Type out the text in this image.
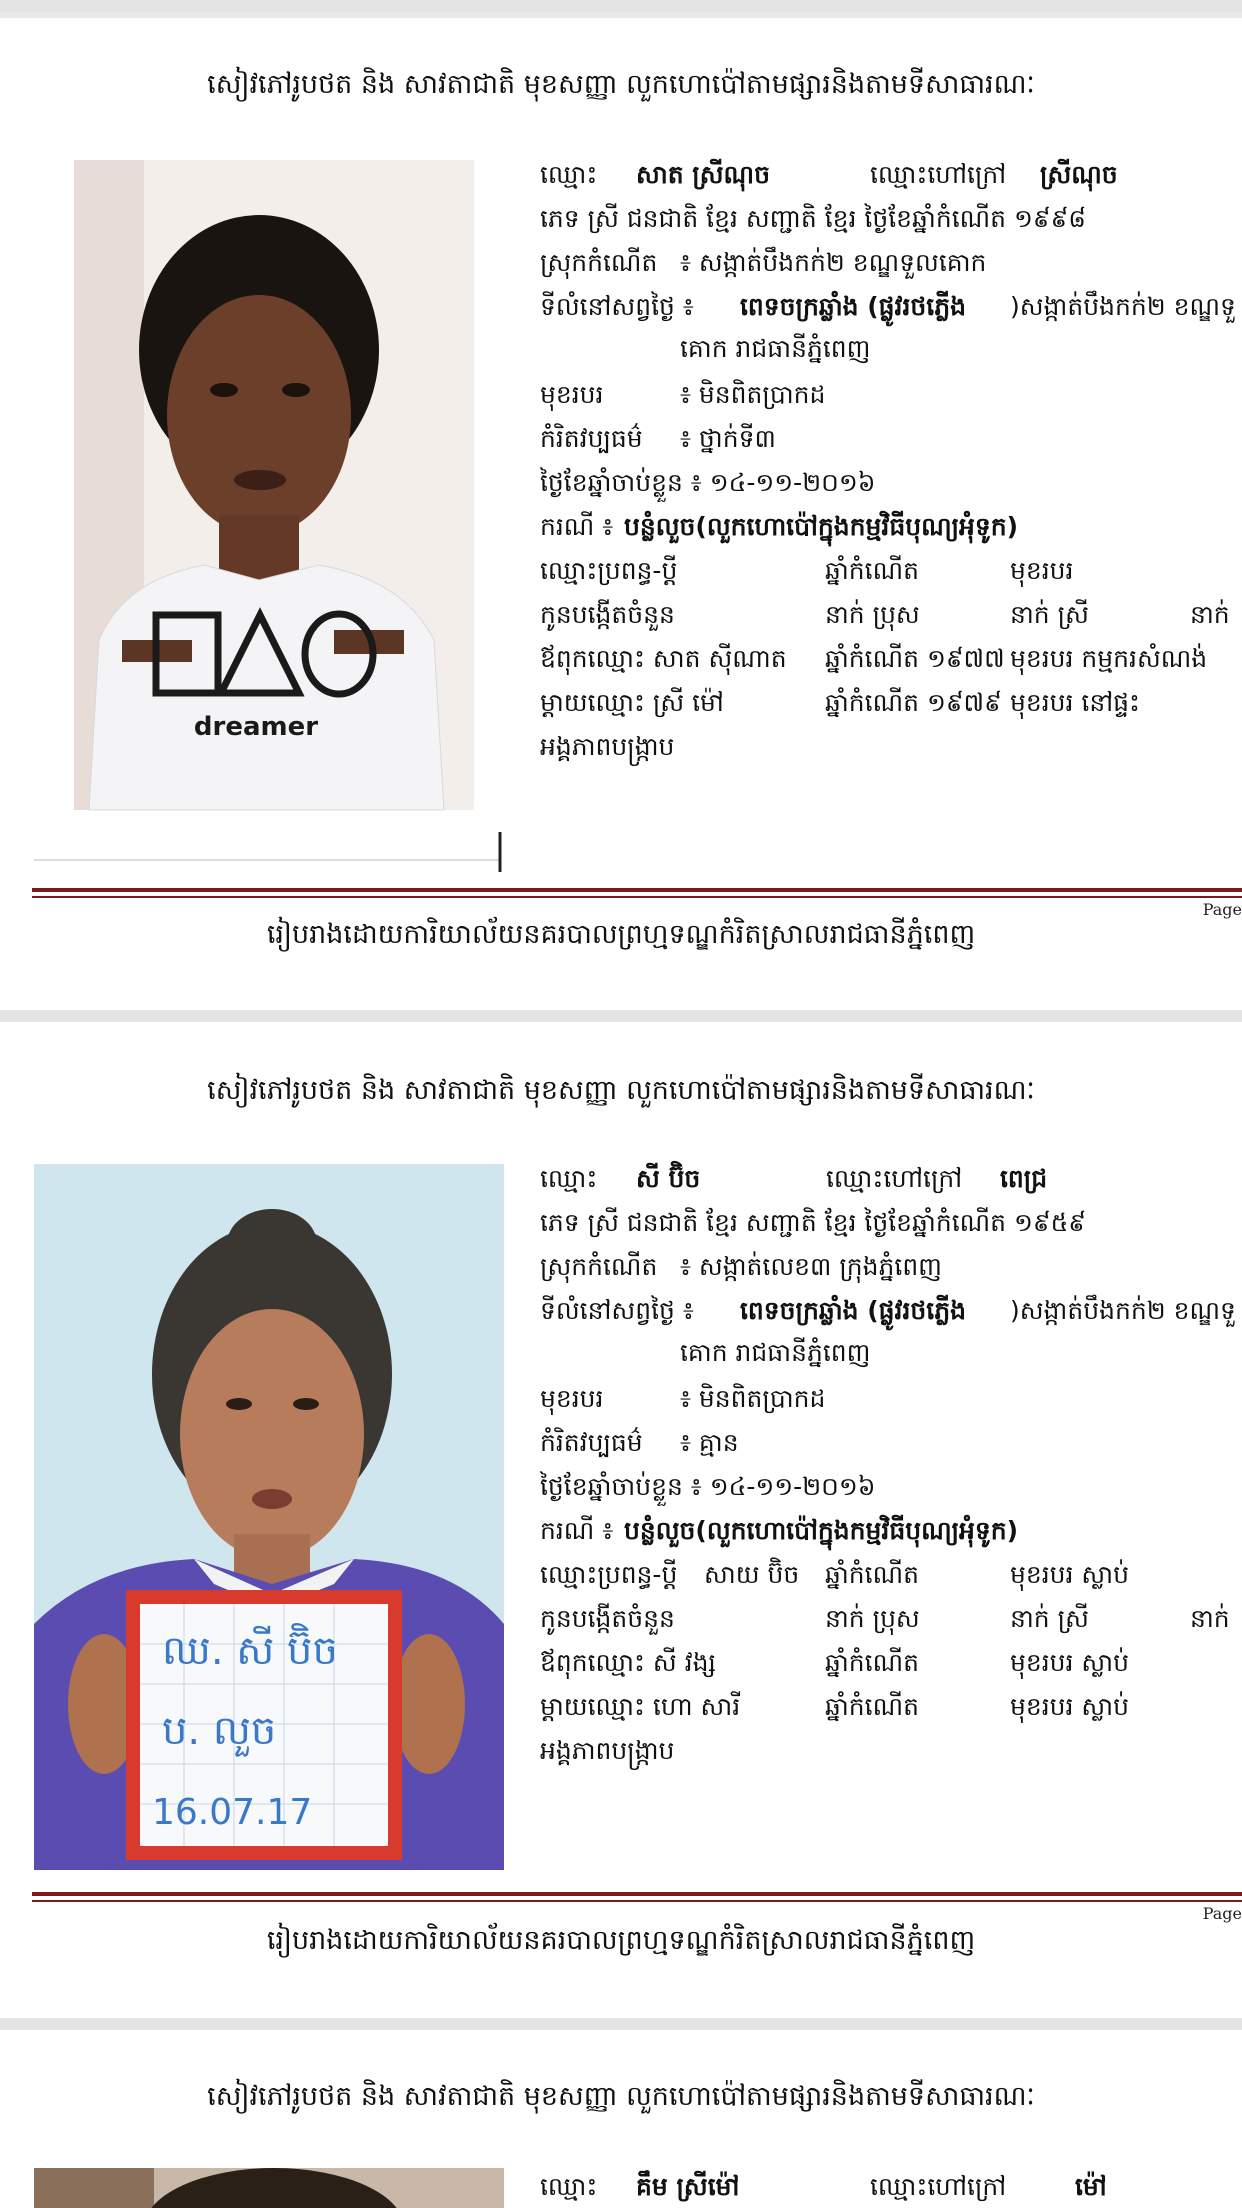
សៀវភៅរូបថត និង សាវតាជាតិ មុខសញ្ញា លួកហោប៉ៅតាមផ្សារនិងតាមទីសាធារណៈ
dreamer
ឈ្មោះ សាត ស្រីណុច	ឈ្មោះហៅក្រៅ ស្រីណុច
ភេទ ស្រី ជនជាតិ ខ្មែរ សញ្ជាតិ ខ្មែរ ថ្ងៃខែឆ្នាំកំណើត ១៩៩៨
ស្រុកកំណើត ៖ សង្កាត់បឹងកក់២ ខណ្ឌទួលគោក
ទីលំនៅសព្វថ្ងៃ ៖ ពេទចក្រឆ្លាំង (ផ្លូវរថភ្លើង )សង្កាត់បឹងកក់២ ខណ្ឌទួ
គោក រាជធានីភ្នំពេញ
មុខរបរ	៖ មិនពិតប្រាកដ
កំរិតវប្បធម៌ ៖ ថ្នាក់ទី៣
ថ្ងៃខែឆ្នាំចាប់ខ្លួន ៖ ១៤-១១-២០១៦
ករណី ៖ បន្លំលួច(លួកហោប៉ៅក្នុងកម្មវិធីបុណ្យអុំទូក)
ឈ្មោះប្រពន្ធ-ប្តី	ឆ្នាំកំណើត	មុខរបរ
កូនបង្កើតចំនួន	នាក់ ប្រុស	នាក់ ស្រី	នាក់
ឪពុកឈ្មោះ សាត ស៊ីណាត ឆ្នាំកំណើត ១៩៧៧ មុខរបរ កម្មករសំណង់
ម្តាយឈ្មោះ ស្រី ម៉ៅ	ឆ្នាំកំណើត ១៩៧៩ មុខរបរ នៅផ្ទះ
អង្គភាពបង្ក្រាប
Page
រៀបរាងដោយការិយាល័យនគរបាលព្រហ្មទណ្ឌកំរិតស្រាលរាជធានីភ្នំពេញ
សៀវភៅរូបថត និង សាវតាជាតិ មុខសញ្ញា លួកហោប៉ៅតាមផ្សារនិងតាមទីសាធារណៈ
ឈ. សី ប៊ិច
ប. លួច
16.07.17
ឈ្មោះ សី ប៊ិច	ឈ្មោះហៅក្រៅ ពេជ្រ
ភេទ ស្រី ជនជាតិ ខ្មែរ សញ្ជាតិ ខ្មែរ ថ្ងៃខែឆ្នាំកំណើត ១៩៥៩
ស្រុកកំណើត ៖ សង្កាត់លេខ៣ ក្រុងភ្នំពេញ
ទីលំនៅសព្វថ្ងៃ ៖ ពេទចក្រឆ្លាំង (ផ្លូវរថភ្លើង )សង្កាត់បឹងកក់២ ខណ្ឌទួ
គោក រាជធានីភ្នំពេញ
មុខរបរ	៖ មិនពិតប្រាកដ
កំរិតវប្បធម៌ ៖ គ្មាន
ថ្ងៃខែឆ្នាំចាប់ខ្លួន ៖ ១៤-១១-២០១៦
ករណី ៖ បន្លំលួច(លួកហោប៉ៅក្នុងកម្មវិធីបុណ្យអុំទូក)
ឈ្មោះប្រពន្ធ-ប្តី សាយ ប៊ិច ឆ្នាំកំណើត	មុខរបរ ស្លាប់
កូនបង្កើតចំនួន	នាក់ ប្រុស	នាក់ ស្រី	នាក់
ឪពុកឈ្មោះ សី វង្ស	ឆ្នាំកំណើត	មុខរបរ ស្លាប់
ម្តាយឈ្មោះ ហោ សារី	ឆ្នាំកំណើត	មុខរបរ ស្លាប់
អង្គភាពបង្ក្រាប
Page
រៀបរាងដោយការិយាល័យនគរបាលព្រហ្មទណ្ឌកំរិតស្រាលរាជធានីភ្នំពេញ
សៀវភៅរូបថត និង សាវតាជាតិ មុខសញ្ញា លួកហោប៉ៅតាមផ្សារនិងតាមទីសាធារណៈ
ឈ្មោះ គឹម ស្រីម៉ៅ	ឈ្មោះហៅក្រៅ	ម៉ៅ
